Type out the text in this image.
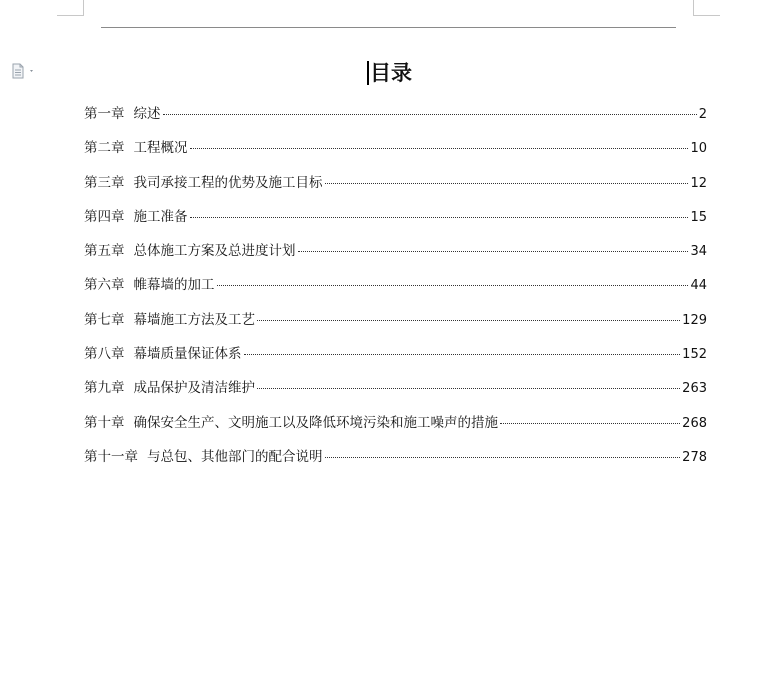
目录
第一章 综述	2
第二章 工程概况	10
第三章 我司承接工程的优势及施工目标	12
第四章 施工准备	15
第五章 总体施工方案及总进度计划	34
第六章 帷幕墙的加工	44
第七章 幕墙施工方法及工艺	129
第八章 幕墙质量保证体系	152
第九章 成品保护及清洁维护	263
第十章 确保安全生产、文明施工以及降低环境污染和施工噪声的措施	268
第十一章 与总包、其他部门的配合说明	278
